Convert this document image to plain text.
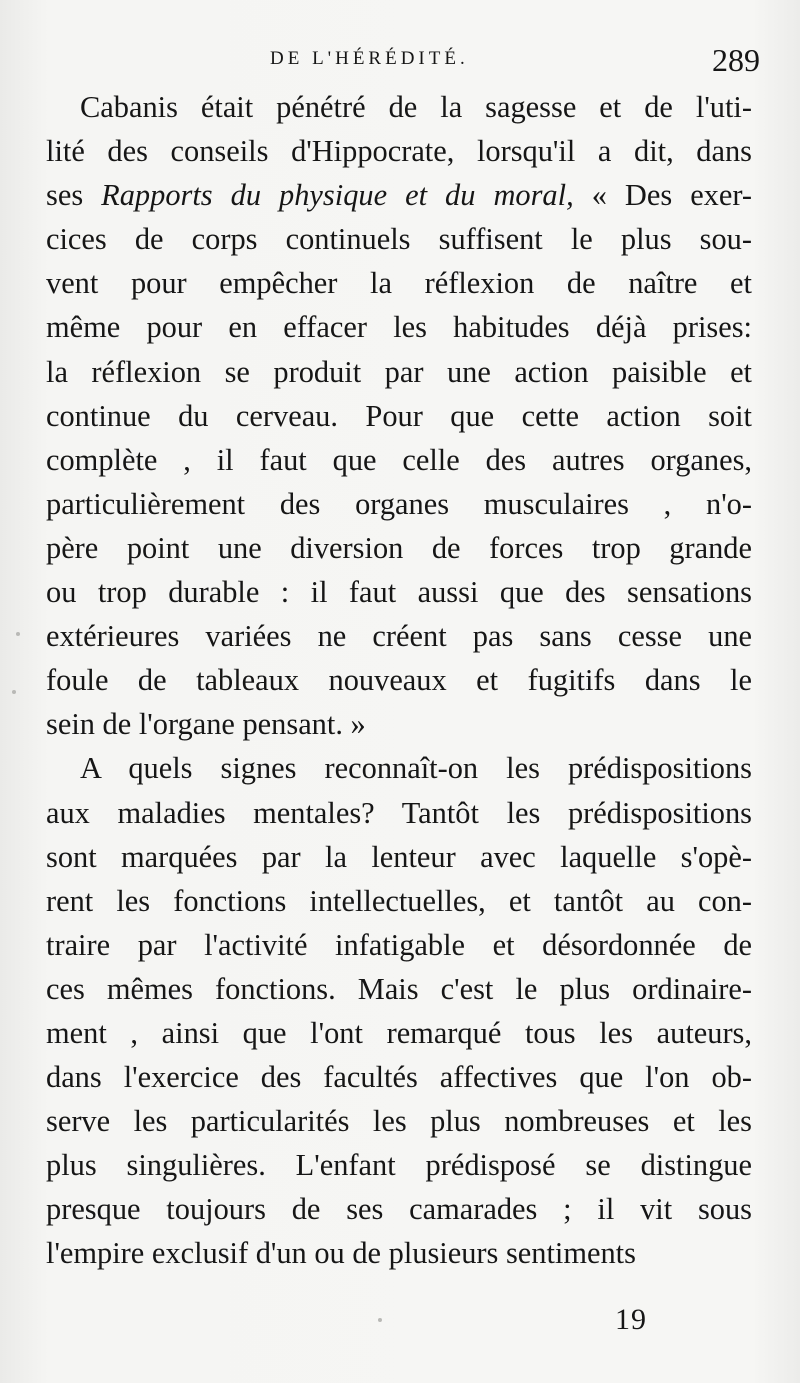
DE L'HÉRÉDITÉ.	289
Cabanis était pénétré de la sagesse et de l'uti-
lité des conseils d'Hippocrate, lorsqu'il a dit, dans
ses Rapports du physique et du moral, « Des exer-
cices de corps continuels suffisent le plus sou-
vent pour empêcher la réflexion de naître et
même pour en effacer les habitudes déjà prises:
la réflexion se produit par une action paisible et
continue du cerveau. Pour que cette action soit
complète , il faut que celle des autres organes,
particulièrement des organes musculaires , n'o-
père point une diversion de forces trop grande
ou trop durable : il faut aussi que des sensations
extérieures variées ne créent pas sans cesse une
foule de tableaux nouveaux et fugitifs dans le
sein de l'organe pensant. »
A quels signes reconnaît-on les prédispositions
aux maladies mentales? Tantôt les prédispositions
sont marquées par la lenteur avec laquelle s'opè-
rent les fonctions intellectuelles, et tantôt au con-
traire par l'activité infatigable et désordonnée de
ces mêmes fonctions. Mais c'est le plus ordinaire-
ment , ainsi que l'ont remarqué tous les auteurs,
dans l'exercice des facultés affectives que l'on ob-
serve les particularités les plus nombreuses et les
plus singulières. L'enfant prédisposé se distingue
presque toujours de ses camarades ; il vit sous
l'empire exclusif d'un ou de plusieurs sentiments
19
